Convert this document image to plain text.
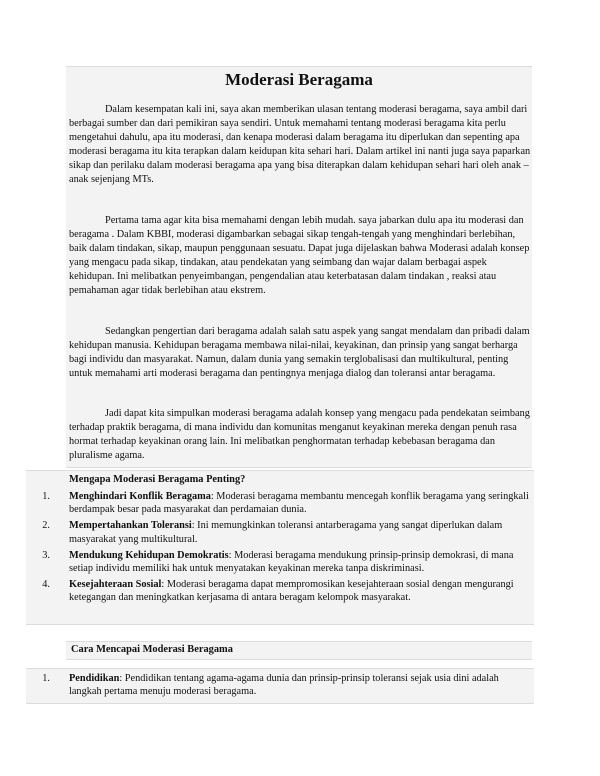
Moderasi Beragama

Dalam kesempatan kali ini, saya akan memberikan ulasan tentang moderasi beragama, saya ambil dari berbagai sumber dan dari pemikiran saya sendiri. Untuk memahami tentang moderasi beragama kita perlu mengetahui dahulu, apa itu moderasi, dan kenapa moderasi dalam beragama itu diperlukan dan sepenting apa moderasi beragama itu kita terapkan dalam keidupan kita sehari hari. Dalam artikel ini nanti juga saya paparkan sikap dan perilaku dalam moderasi beragama apa yang bisa diterapkan dalam kehidupan sehari hari oleh anak – anak sejenjang MTs.

Pertama tama agar kita bisa memahami dengan lebih mudah. saya jabarkan dulu apa itu moderasi dan beragama . Dalam KBBI, moderasi digambarkan sebagai sikap tengah-tengah yang menghindari berlebihan, baik dalam tindakan, sikap, maupun penggunaan sesuatu. Dapat juga dijelaskan bahwa Moderasi adalah konsep yang mengacu pada sikap, tindakan, atau pendekatan yang seimbang dan wajar dalam berbagai aspek kehidupan. Ini melibatkan penyeimbangan, pengendalian atau keterbatasan dalam tindakan , reaksi atau pemahaman agar tidak berlebihan atau ekstrem.

Sedangkan pengertian dari beragama adalah salah satu aspek yang sangat mendalam dan pribadi dalam kehidupan manusia. Kehidupan beragama membawa nilai-nilai, keyakinan, dan prinsip yang sangat berharga bagi individu dan masyarakat. Namun, dalam dunia yang semakin terglobalisasi dan multikultural, penting untuk memahami arti moderasi beragama dan pentingnya menjaga dialog dan toleransi antar beragama.

Jadi dapat kita simpulkan moderasi beragama adalah konsep yang mengacu pada pendekatan seimbang terhadap praktik beragama, di mana individu dan komunitas menganut keyakinan mereka dengan penuh rasa hormat terhadap keyakinan orang lain. Ini melibatkan penghormatan terhadap kebebasan beragama dan pluralisme agama.

Mengapa Moderasi Beragama Penting?
1. Menghindari Konflik Beragama: Moderasi beragama membantu mencegah konflik beragama yang seringkali berdampak besar pada masyarakat dan perdamaian dunia.
2. Mempertahankan Toleransi: Ini memungkinkan toleransi antarberagama yang sangat diperlukan dalam masyarakat yang multikultural.
3. Mendukung Kehidupan Demokratis: Moderasi beragama mendukung prinsip-prinsip demokrasi, di mana setiap individu memiliki hak untuk menyatakan keyakinan mereka tanpa diskriminasi.
4. Kesejahteraan Sosial: Moderasi beragama dapat mempromosikan kesejahteraan sosial dengan mengurangi ketegangan dan meningkatkan kerjasama di antara beragam kelompok masyarakat.
Cara Mencapai Moderasi Beragama
1. Pendidikan: Pendidikan tentang agama-agama dunia dan prinsip-prinsip toleransi sejak usia dini adalah langkah pertama menuju moderasi beragama.
